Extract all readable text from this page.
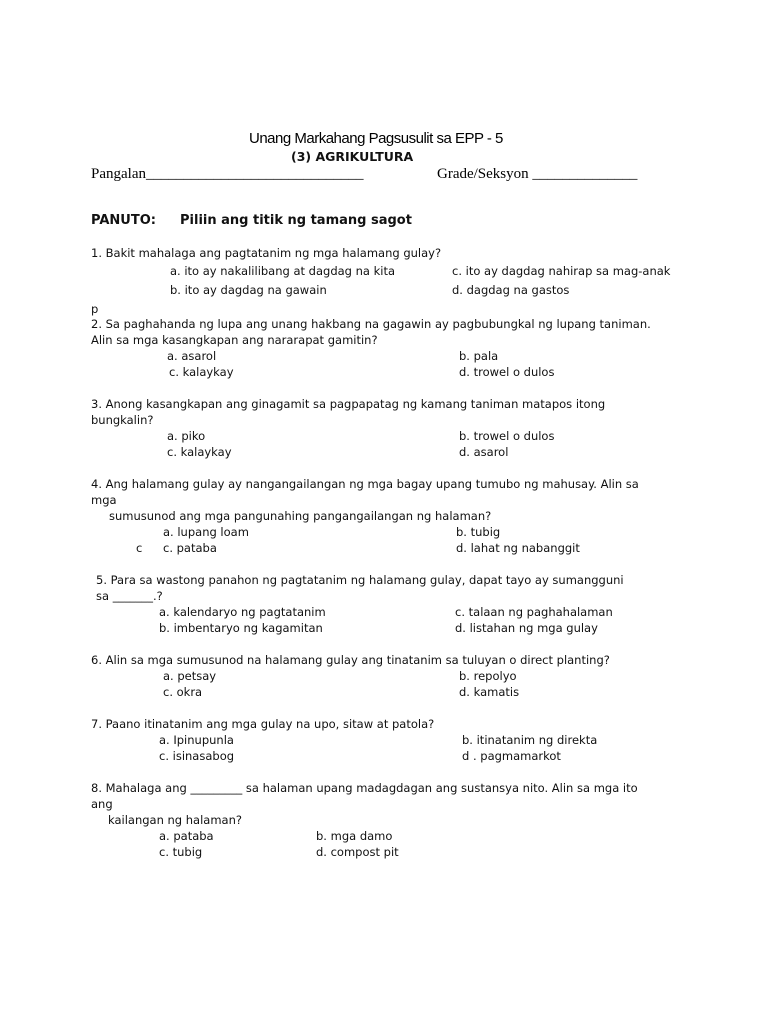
Unang Markahang Pagsusulit sa EPP - 5
(3) AGRIKULTURA
Pangalan_____________________________	Grade/Seksyon ______________
PANUTO: Piliin ang titik ng tamang sagot
1. Bakit mahalaga ang pagtatanim ng mga halamang gulay?
a. ito ay nakalilibang at dagdag na kita	c. ito ay dagdag nahirap sa mag-anak
b. ito ay dagdag na gawain	d. dagdag na gastos
p
2. Sa paghahanda ng lupa ang unang hakbang na gagawin ay pagbubungkal ng lupang taniman.
Alin sa mga kasangkapan ang nararapat gamitin?
a. asarol	b. pala
c. kalaykay	d. trowel o dulos
3. Anong kasangkapan ang ginagamit sa pagpapatag ng kamang taniman matapos itong
bungkalin?
a. piko	b. trowel o dulos
c. kalaykay	d. asarol
4. Ang halamang gulay ay nangangailangan ng mga bagay upang tumubo ng mahusay. Alin sa
mga
sumusunod ang mga pangunahing pangangailangan ng halaman?
a. lupang loam	b. tubig
c c. pataba	d. lahat ng nabanggit
5. Para sa wastong panahon ng pagtatanim ng halamang gulay, dapat tayo ay sumangguni
sa _______.?
a. kalendaryo ng pagtatanim	c. talaan ng paghahalaman
b. imbentaryo ng kagamitan	d. listahan ng mga gulay
6. Alin sa mga sumusunod na halamang gulay ang tinatanim sa tuluyan o direct planting?
a. petsay	b. repolyo
c. okra	d. kamatis
7. Paano itinatanim ang mga gulay na upo, sitaw at patola?
a. Ipinupunla	b. itinatanim ng direkta
c. isinasabog	d . pagmamarkot
8. Mahalaga ang _________ sa halaman upang madagdagan ang sustansya nito. Alin sa mga ito
ang
kailangan ng halaman?
a. pataba	b. mga damo
c. tubig	d. compost pit
